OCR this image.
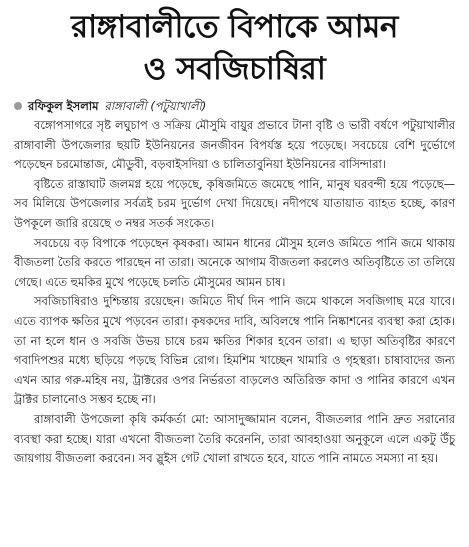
রাঙ্গাবালীতে বিপাকে আমন
ও সবজিচাষিরা
রফিকুল ইসলাম রাঙ্গাবালী (পটুয়াখালী)

বঙ্গোপসাগরে সৃষ্ট লঘুচাপ ও সক্রিয় মৌসুমি বায়ুর প্রভাবে টানা বৃষ্টি ও ভারী বর্ষণে পটুয়াখালীর রাঙ্গাবালী উপজেলার ছয়টি ইউনিয়নের জনজীবন বিপর্যস্ত হয়ে পড়েছে। সবচেয়ে বেশি দুর্ভোগে পড়েছেন চরমোন্তাজ, মৌডুবী, বড়বাইসদিয়া ও চালিতাবুনিয়া ইউনিয়নের বাসিন্দারা।

বৃষ্টিতে রাস্তাঘাট জলমগ্ন হয়ে পড়েছে, কৃষিজমিতে জমেছে পানি, মানুষ ঘরবন্দী হয়ে পড়েছে— সব মিলিয়ে উপজেলার সর্বত্রই চরম দুর্ভোগ দেখা দিয়েছে। নদীপথে যাতায়াত ব্যাহত হচ্ছে, কারণ উপকূলে জারি রয়েছে ৩ নম্বর সতর্ক সংকেত।

সবচেয়ে বড় বিপাকে পড়েছেন কৃষকরা। আমন ধানের মৌসুম হলেও জমিতে পানি জমে থাকায় বীজতলা তৈরি করতে পারছেন না তারা। অনেকে আগাম বীজতলা করলেও অতিবৃষ্টিতে তা তলিয়ে গেছে। এতে হুমকির মুখে পড়েছে চলতি মৌসুমের আমন চাষ।

সবজিচাষিরাও দুশ্চিন্তায় রয়েছেন। জমিতে দীর্ঘ দিন পানি জমে থাকলে সবজিগাছ মরে যাবে। এতে ব্যাপক ক্ষতির মুখে পড়বেন তারা। কৃষকদের দাবি, অবিলম্বে পানি নিষ্কাশনের ব্যবস্থা করা হোক। তা না হলে ধান ও সবজি উভয় চাষে চরম ক্ষতির শিকার হবেন তারা। এ ছাড়া অতিবৃষ্টির কারণে গবাদিপশুর মধ্যে ছড়িয়ে পড়ছে বিভিন্ন রোগ। হিমশিম খাচ্ছেন খামারি ও গৃহস্থরা। চাষাবাদের জন্য এখন আর গরু-মহিষ নয়, ট্রাক্টরের ওপর নির্ভরতা বাড়লেও অতিরিক্ত কাদা ও পানির কারণে এখন ট্রাক্টর চালানোও সম্ভব হচ্ছে না।

রাঙ্গাবালী উপজেলা কৃষি কর্মকর্তা মো: আসাদুজ্জামান বলেন, বীজতলার পানি দ্রুত সরানোর ব্যবস্থা করা হচ্ছে। যারা এখনো বীজতলা তৈরি করেননি, তারা আবহাওয়া অনুকূলে এলে একটু উঁচু জায়গায় বীজতলা করবেন। সব স্লুইস গেট খোলা রাখতে হবে, যাতে পানি নামতে সমস্যা না হয়।
